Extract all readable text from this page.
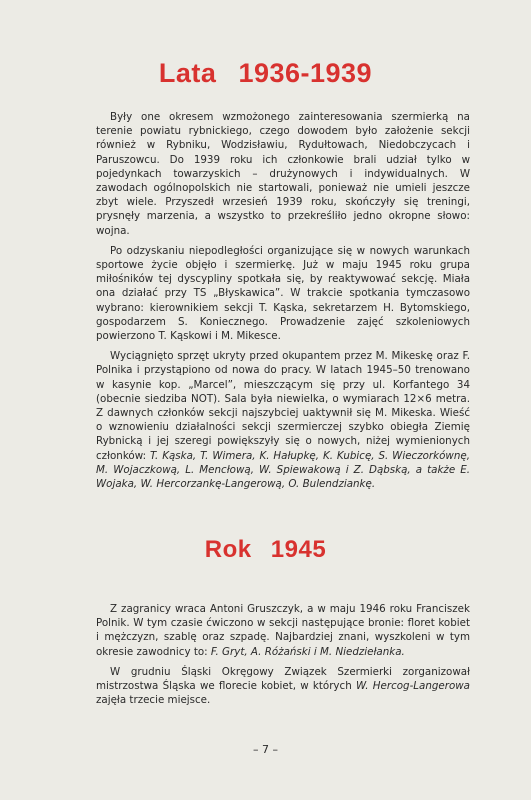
Lata 1936-1939

Były one okresem wzmożonego zainteresowania szermierką na terenie powiatu rybnickiego, czego dowodem było założenie sekcji również w Rybniku, Wodzisławiu, Rydułtowach, Niedobczycach i Paruszowcu. Do 1939 roku ich członkowie brali udział tylko w pojedynkach towarzyskich – drużynowych i indywidualnych. W zawodach ogólnopolskich nie startowali, ponieważ nie umieli jeszcze zbyt wiele. Przyszedł wrzesień 1939 roku, skończyły się treningi, prysnęły marzenia, a wszystko to przekreśliło jedno okropne słowo: wojna.

Po odzyskaniu niepodległości organizujące się w nowych warunkach sportowe życie objęło i szermierkę. Już w maju 1945 roku grupa miłośników tej dyscypliny spotkała się, by reaktywować sekcję. Miała ona działać przy TS „Błyskawica”. W trakcie spotkania tymczasowo wybrano: kierownikiem sekcji T. Kąska, sekretarzem H. Bytomskiego, gospodarzem S. Koniecznego. Prowadzenie zajęć szkoleniowych powierzono T. Kąskowi i M. Mikesce.

Wyciągnięto sprzęt ukryty przed okupantem przez M. Mikeskę oraz F. Polnika i przystąpiono od nowa do pracy. W latach 1945–50 trenowano w kasynie kop. „Marcel”, mieszczącym się przy ul. Korfantego 34 (obecnie siedziba NOT). Sala była niewielka, o wymiarach 12×6 metra. Z dawnych członków sekcji najszybciej uaktywnił się M. Mikeska. Wieść o wznowieniu działalności sekcji szermierczej szybko obiegła Ziemię Rybnicką i jej szeregi powiększyły się o nowych, niżej wymienionych członków: T. Kąska, T. Wimera, K. Hałupkę, K. Kubicę, S. Wieczorkównę, M. Wojaczkową, L. Mencłową, W. Spiewakową i Z. Dąbską, a także E. Wojaka, W. Hercorzankę-Langerową, O. Bulendziankę.

Rok 1945

Z zagranicy wraca Antoni Gruszczyk, a w maju 1946 roku Franciszek Polnik. W tym czasie ćwiczono w sekcji następujące bronie: floret kobiet i mężczyzn, szablę oraz szpadę. Najbardziej znani, wyszkoleni w tym okresie zawodnicy to: F. Gryt, A. Różański i M. Niedziełanka.

W grudniu Śląski Okręgowy Związek Szermierki zorganizował mistrzostwa Śląska we florecie kobiet, w których W. Hercog-Langerowa zajęła trzecie miejsce.

– 7 –
